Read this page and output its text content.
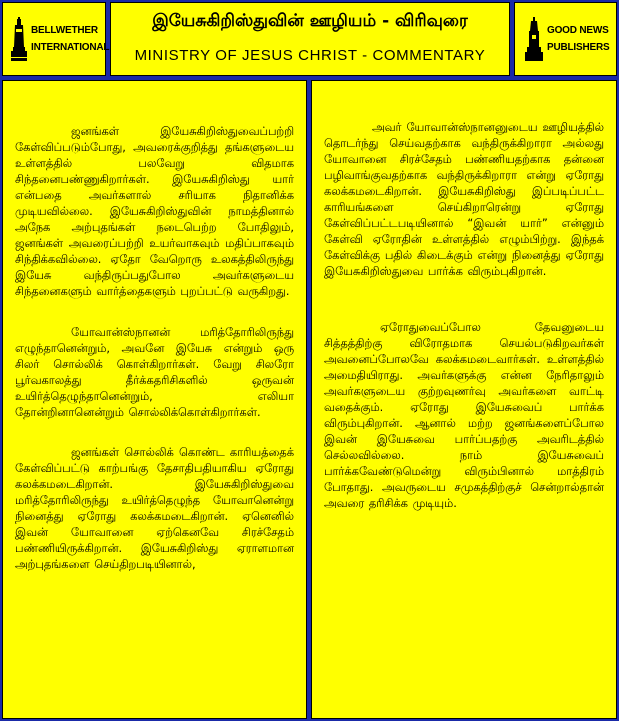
BELLWETHER
INTERNATIONAL
இயேசுகிறிஸ்துவின் ஊழியம் - விரிவுரை
MINISTRY OF JESUS CHRIST - COMMENTARY
GOOD NEWS
PUBLISHERS

ஜனங்கள் இயேசுகிறிஸ்துவைப்பற்றி கேள்விப்படும்போது, அவரைக்குறித்து தங்களுடைய உள்ளத்தில் பலவேறு விதமாக சிந்தனைபண்ணுகிறார்கள். இயேசுகிறிஸ்து யார் என்பதை அவர்களால் சரியாக நிதானிக்க முடியவில்லை. இயேசுகிறிஸ்துவின் நாமத்தினால் அநேக அற்புதங்கள் நடைபெற்ற போதிலும், ஜனங்கள் அவரைப்பற்றி உயர்வாகவும் மதிப்பாகவும் சிந்திக்கவில்லை. ஏதோ வேறொரு உலகத்திலிருந்து இயேசு வந்திருப்பதுபோல அவர்களுடைய சிந்தனைகளும் வார்த்தைகளும் புறப்பட்டு வருகிறது.

யோவான்ஸ்நானன் மரித்தோரிலிருந்து எழுந்தானென்றும், அவனே இயேசு என்றும் ஒரு சிலர் சொல்லிக் கொள்கிறார்கள். வேறு சிலரோ பூர்வகாலத்து தீர்க்கதரிசிகளில் ஒருவன் உயிர்த்தெழுந்தானென்றும், எலியா தோன்றினானென்றும் சொல்லிக்கொள்கிறார்கள்.

ஜனங்கள் சொல்லிக் கொண்ட காரியத்தைக் கேள்விப்பட்டு காற்பங்கு தேசாதிபதியாகிய ஏரோது கலக்கமடைகிறான். இயேசுகிறிஸ்துவை மரித்தோரிலிருந்து உயிர்த்தெழுந்த யோவானென்று நினைத்து ஏரோது கலக்கமடைகிறான். ஏனெனில் இவன் யோவானை ஏற்கெனவே சிரச்சேதம் பண்ணியிருக்கிறான். இயேசுகிறிஸ்து ஏராளமான அற்புதங்களை செய்திறபடியினால்,

அவர் யோவான்ஸ்நானனுடைய ஊழியத்தில் தொடர்ந்து செய்வதற்காக வந்திருக்கிறாரா அல்லது யோவானை சிரச்சேதம் பண்ணியதற்காக தன்னை பழிவாங்குவதற்காக வந்திருக்கிறாரா என்று ஏரோது கலக்கமடைகிறான். இயேசுகிறிஸ்து இப்படிப்பட்ட காரியங்களை செய்கிறாரென்று ஏரோது கேள்விப்பட்டபடியினால் “இவன் யார்” என்னும் கேள்வி ஏரோதின் உள்ளத்தில் எழும்பிற்று. இந்தக் கேள்விக்கு பதில் கிடைக்கும் என்று நினைத்து ஏரோது இயேசுகிறிஸ்துவை பார்க்க விரும்புகிறான்.

ஏரோதுவைப்போல தேவனுடைய சித்தத்திற்கு விரோதமாக செயல்படுகிறவர்கள் அவனைப்போலவே கலக்கமடைவார்கள். உள்ளத்தில் அமைதியிராது. அவர்களுக்கு என்ன நேரிதாலும் அவர்களுடைய குற்றவுணர்வு அவர்களை வாட்டி வதைக்கும். ஏரோது இயேசுவைப் பார்க்க விரும்புகிறான். ஆனால் மற்ற ஜனங்களைப்போல இவன் இயேசுவை பார்ப்பதற்கு அவரிடத்தில் செல்லவில்லை. நாம் இயேசுவைப் பார்க்கவேண்டுமென்று விரும்பினால் மாத்திரம் போதாது. அவருடைய சமுகத்திற்குச் சென்றால்தான் அவரை தரிசிக்க முடியும்.
